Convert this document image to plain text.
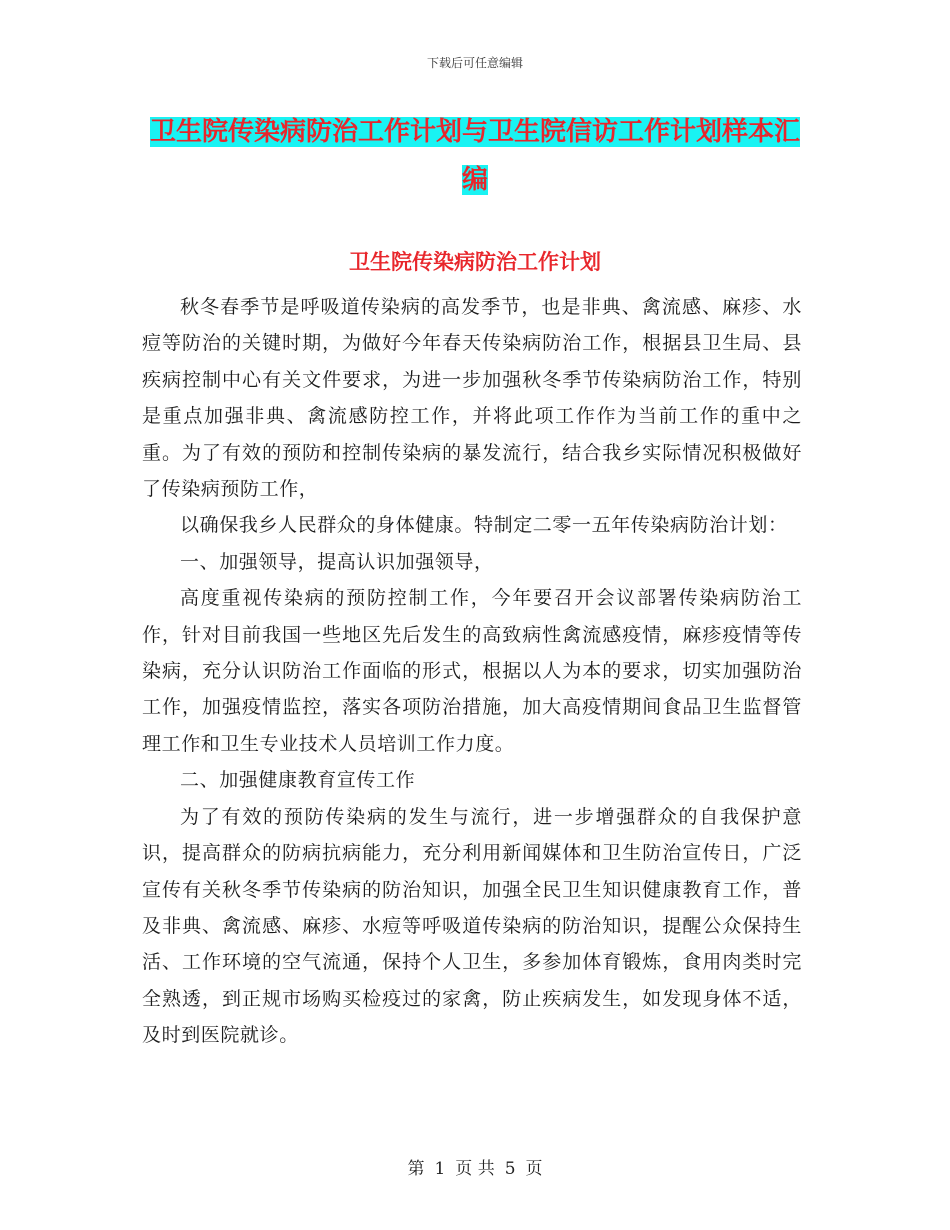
下载后可任意编辑
卫生院传染病防治工作计划与卫生院信访工作计划样本汇编
卫生院传染病防治工作计划

秋冬春季节是呼吸道传染病的高发季节，也是非典、禽流感、麻疹、水痘等防治的关键时期，为做好今年春天传染病防治工作，根据县卫生局、县疾病控制中心有关文件要求，为进一步加强秋冬季节传染病防治工作，特别是重点加强非典、禽流感防控工作，并将此项工作作为当前工作的重中之重。为了有效的预防和控制传染病的暴发流行，结合我乡实际情况积极做好了传染病预防工作，

以确保我乡人民群众的身体健康。特制定二零一五年传染病防治计划：

一、加强领导，提高认识加强领导，

高度重视传染病的预防控制工作，今年要召开会议部署传染病防治工作，针对目前我国一些地区先后发生的高致病性禽流感疫情，麻疹疫情等传染病，充分认识防治工作面临的形式，根据以人为本的要求，切实加强防治工作，加强疫情监控，落实各项防治措施，加大高疫情期间食品卫生监督管理工作和卫生专业技术人员培训工作力度。

二、加强健康教育宣传工作

为了有效的预防传染病的发生与流行，进一步增强群众的自我保护意识，提高群众的防病抗病能力，充分利用新闻媒体和卫生防治宣传日，广泛宣传有关秋冬季节传染病的防治知识，加强全民卫生知识健康教育工作，普及非典、禽流感、麻疹、水痘等呼吸道传染病的防治知识，提醒公众保持生活、工作环境的空气流通，保持个人卫生，多参加体育锻炼，食用肉类时完全熟透，到正规市场购买检疫过的家禽，防止疾病发生，如发现身体不适，及时到医院就诊。

第 1 页 共 5 页
